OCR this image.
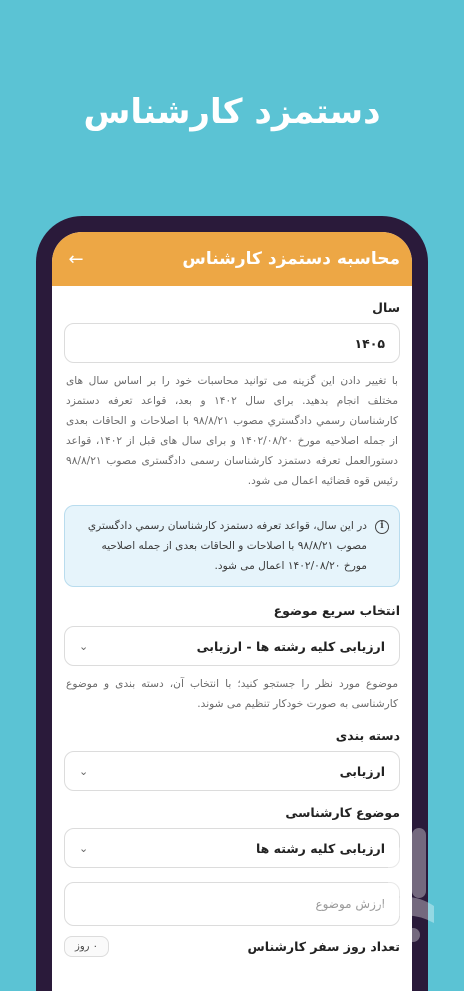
دستمزد کارشناس
محاسبه دستمزد کارشناس
←
سال
۱۴۰۵

با تغییر دادن این گزینه می توانید محاسبات خود را بر اساس سال های مختلف انجام بدهید. برای سال ۱۴۰۲ و بعد، قواعد تعرفه دستمزد کارشناسان رسمي دادگستري مصوب ۹۸/۸/۲۱ با اصلاحات و الحاقات بعدی از جمله اصلاحیه مورخ ۱۴۰۲/۰۸/۲۰ و برای سال های قبل از ۱۴۰۲، قواعد دستورالعمل تعرفه دستمزد کارشناسان رسمی دادگستری مصوب ۹۸/۸/۲۱ رئیس قوه قضائیه اعمال می شود.

i
در این سال، قواعد تعرفه دستمزد کارشناسان رسمي دادگستري مصوب ۹۸/۸/۲۱ با اصلاحات و الحاقات بعدی از جمله اصلاحیه مورخ ۱۴۰۲/۰۸/۲۰ اعمال می شود.
انتخاب سریع موضوع
ارزیابی کلیه رشته ها - ارزیابی
⌄

موضوع مورد نظر را جستجو کنید؛ با انتخاب آن، دسته بندی و موضوع کارشناسی به صورت خودکار تنظیم می شوند.

دسته بندی
ارزیابی
⌄
موضوع کارشناسی
ارزیابی کلیه رشته ها
⌄
ارزش موضوع
تعداد روز سفر کارشناس
۰ روز
